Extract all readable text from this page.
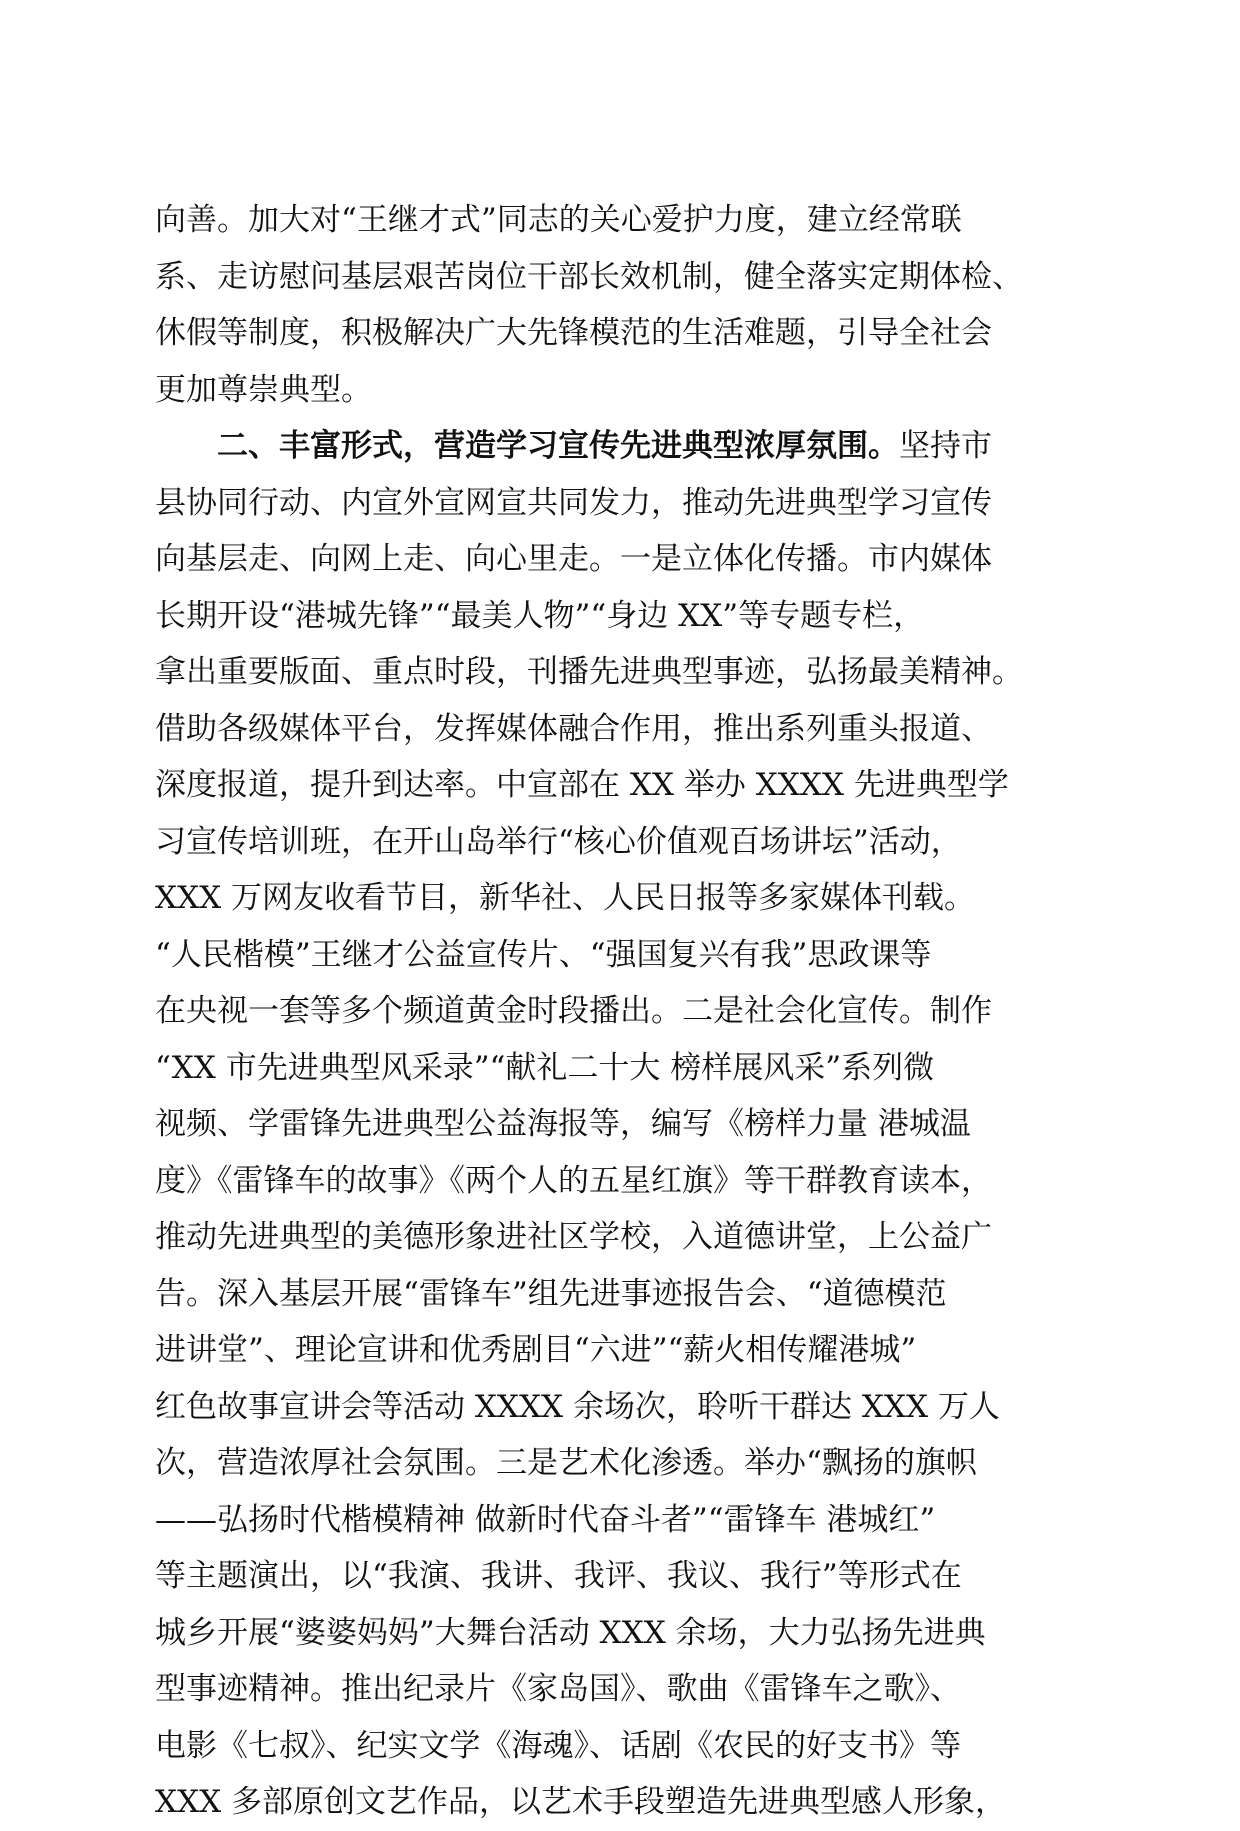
向善。加大对“王继才式”同志的关心爱护力度，建立经常联
系、走访慰问基层艰苦岗位干部长效机制，健全落实定期体检、
休假等制度，积极解决广大先锋模范的生活难题，引导全社会
更加尊崇典型。
二、丰富形式，营造学习宣传先进典型浓厚氛围。坚持市
县协同行动、内宣外宣网宣共同发力，推动先进典型学习宣传
向基层走、向网上走、向心里走。一是立体化传播。市内媒体
长期开设“港城先锋”“最美人物”“身边 XX”等专题专栏，
拿出重要版面、重点时段，刊播先进典型事迹，弘扬最美精神。
借助各级媒体平台，发挥媒体融合作用，推出系列重头报道、
深度报道，提升到达率。中宣部在 XX 举办 XXXX 先进典型学
习宣传培训班，在开山岛举行“核心价值观百场讲坛”活动，
XXX 万网友收看节目，新华社、人民日报等多家媒体刊载。
“人民楷模”王继才公益宣传片、“强国复兴有我”思政课等
在央视一套等多个频道黄金时段播出。二是社会化宣传。制作
“XX 市先进典型风采录”“献礼二十大 榜样展风采”系列微
视频、学雷锋先进典型公益海报等，编写《榜样力量 港城温
度》《雷锋车的故事》《两个人的五星红旗》等干群教育读本，
推动先进典型的美德形象进社区学校，入道德讲堂，上公益广
告。深入基层开展“雷锋车”组先进事迹报告会、“道德模范
进讲堂”、理论宣讲和优秀剧目“六进”“薪火相传耀港城”
红色故事宣讲会等活动 XXXX 余场次，聆听干群达 XXX 万人
次，营造浓厚社会氛围。三是艺术化渗透。举办“飘扬的旗帜
——弘扬时代楷模精神 做新时代奋斗者”“雷锋车 港城红”
等主题演出，以“我演、我讲、我评、我议、我行”等形式在
城乡开展“婆婆妈妈”大舞台活动 XXX 余场，大力弘扬先进典
型事迹精神。推出纪录片《家岛国》、歌曲《雷锋车之歌》、
电影《七叔》、纪实文学《海魂》、话剧《农民的好支书》等
XXX 多部原创文艺作品，以艺术手段塑造先进典型感人形象，
